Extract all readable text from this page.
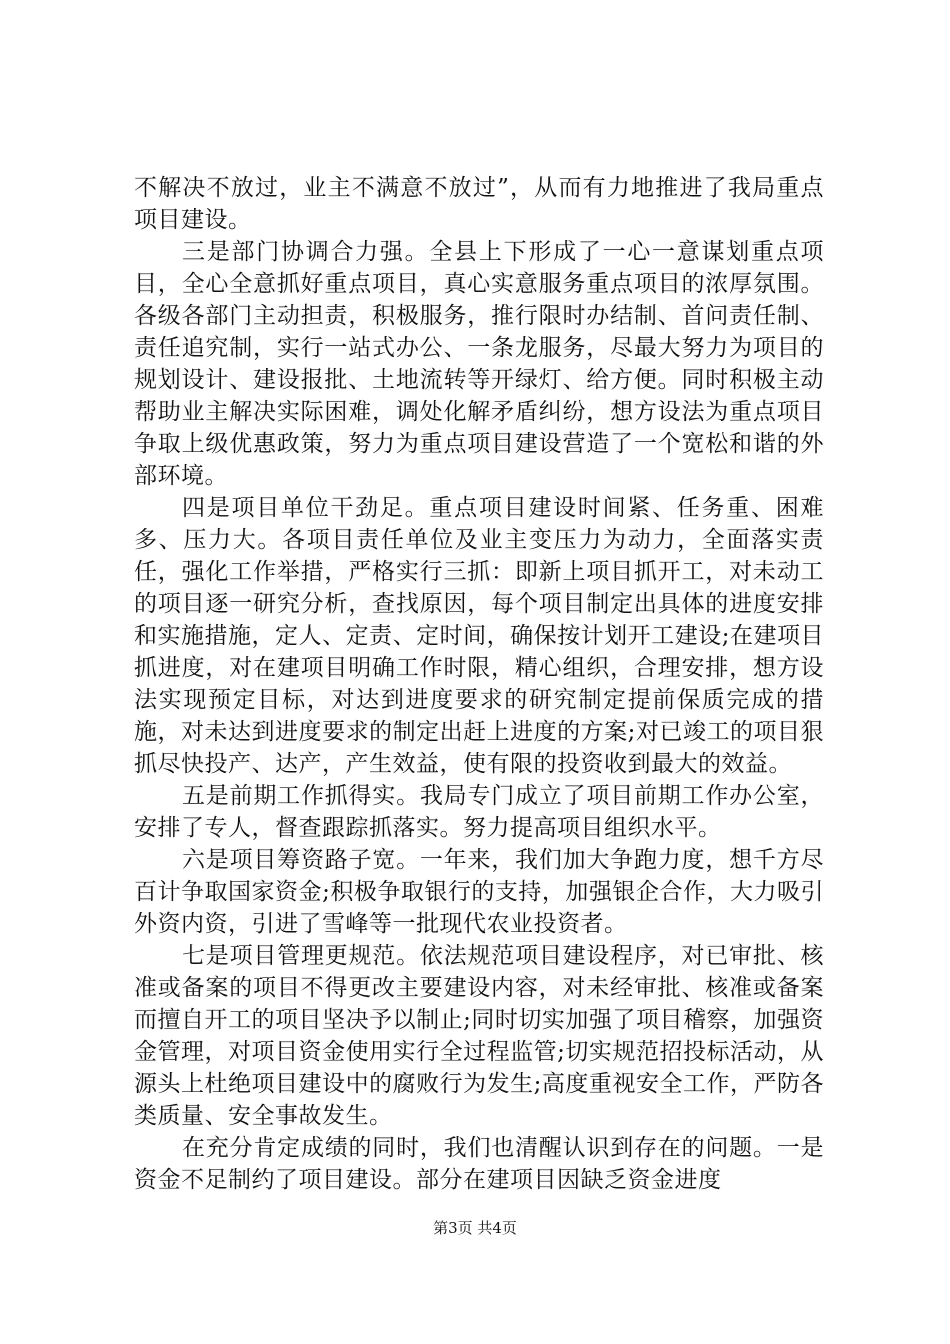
不解决不放过，业主不满意不放过”，从而有力地推进了我局重点项目建设。

三是部门协调合力强。全县上下形成了一心一意谋划重点项目，全心全意抓好重点项目，真心实意服务重点项目的浓厚氛围。各级各部门主动担责，积极服务，推行限时办结制、首问责任制、责任追究制，实行一站式办公、一条龙服务，尽最大努力为项目的规划设计、建设报批、土地流转等开绿灯、给方便。同时积极主动帮助业主解决实际困难，调处化解矛盾纠纷，想方设法为重点项目争取上级优惠政策，努力为重点项目建设营造了一个宽松和谐的外部环境。

四是项目单位干劲足。重点项目建设时间紧、任务重、困难多、压力大。各项目责任单位及业主变压力为动力，全面落实责任，强化工作举措，严格实行三抓：即新上项目抓开工，对未动工的项目逐一研究分析，查找原因，每个项目制定出具体的进度安排和实施措施，定人、定责、定时间，确保按计划开工建设;在建项目抓进度，对在建项目明确工作时限，精心组织，合理安排，想方设法实现预定目标，对达到进度要求的研究制定提前保质完成的措施，对未达到进度要求的制定出赶上进度的方案;对已竣工的项目狠抓尽快投产、达产，产生效益，使有限的投资收到最大的效益。

五是前期工作抓得实。我局专门成立了项目前期工作办公室，安排了专人，督查跟踪抓落实。努力提高项目组织水平。

六是项目筹资路子宽。一年来，我们加大争跑力度，想千方尽百计争取国家资金;积极争取银行的支持，加强银企合作，大力吸引外资内资，引进了雪峰等一批现代农业投资者。

七是项目管理更规范。依法规范项目建设程序，对已审批、核准或备案的项目不得更改主要建设内容，对未经审批、核准或备案而擅自开工的项目坚决予以制止;同时切实加强了项目稽察，加强资金管理，对项目资金使用实行全过程监管;切实规范招投标活动，从源头上杜绝项目建设中的腐败行为发生;高度重视安全工作，严防各类质量、安全事故发生。

在充分肯定成绩的同时，我们也清醒认识到存在的问题。一是资金不足制约了项目建设。部分在建项目因缺乏资金进度

第3页 共4页
